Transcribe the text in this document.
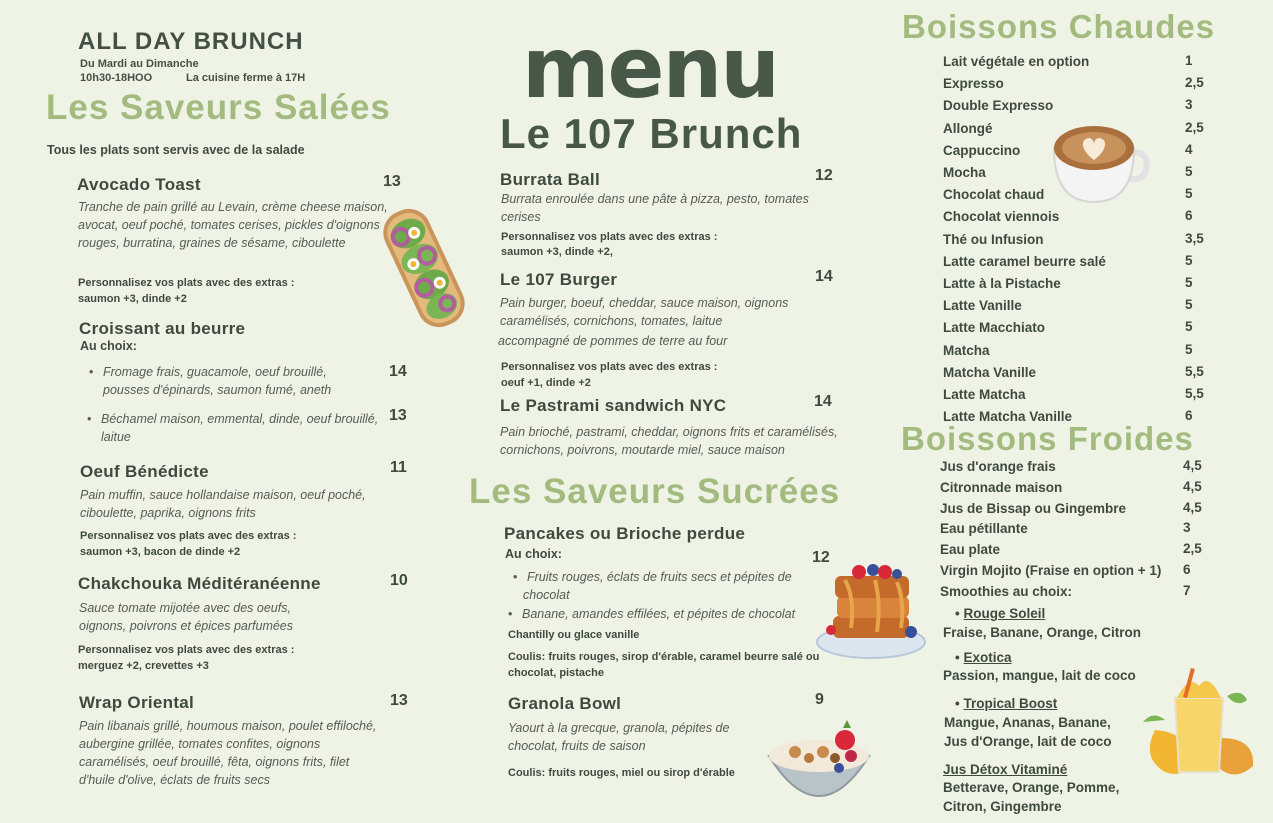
ALL DAY BRUNCH
Du Mardi au Dimanche
10h30-18HOO	La cuisine ferme à 17H	menu
Le 107 Brunch
Les Saveurs Salées
Tous les plats sont servis avec de la salade
Avocado Toast	13
Tranche de pain grillé au Levain, crème cheese maison,
avocat, oeuf poché, tomates cerises, pickles d'oignons
rouges, burratina, graines de sésame, ciboulette
Personnalisez vos plats avec des extras :
saumon +3, dinde +2
Croissant au beurre
Au choix:
• Fromage frais, guacamole, oeuf brouillé,
pousses d'épinards, saumon fumé, aneth
14
• Béchamel maison, emmental, dinde, oeuf brouillé,
laitue
13
Oeuf Bénédicte	11
Pain muffin, sauce hollandaise maison, oeuf poché,
ciboulette, paprika, oignons frits
Personnalisez vos plats avec des extras :
saumon +3, bacon de dinde +2
Chakchouka Méditéranéenne	10
Sauce tomate mijotée avec des oeufs,
oignons, poivrons et épices parfumées
Personnalisez vos plats avec des extras :
merguez +2, crevettes +3
Wrap Oriental	13
Pain libanais grillé, houmous maison, poulet effiloché,
aubergine grillée, tomates confites, oignons
caramélisés, oeuf brouillé, fêta, oignons frits, filet
d'huile d'olive, éclats de fruits secs
Burrata Ball	12
Burrata enroulée dans une pâte à pizza, pesto, tomates
cerises
Personnalisez vos plats avec des extras :
saumon +3, dinde +2,
Le 107 Burger	14
Pain burger, boeuf, cheddar, sauce maison, oignons
caramélisés, cornichons, tomates, laitue
accompagné de pommes de terre au four
Personnalisez vos plats avec des extras :
oeuf +1, dinde +2
Le Pastrami sandwich NYC	14
Pain brioché, pastrami, cheddar, oignons frits et caramélisés,
cornichons, poivrons, moutarde miel, sauce maison
Les Saveurs Sucrées
Pancakes ou Brioche perdue
Au choix:	12
• Fruits rouges, éclats de fruits secs et pépites de
chocolat
• Banane, amandes effilées, et pépites de chocolat
Chantilly ou glace vanille
Coulis: fruits rouges, sirop d'érable, caramel beurre salé ou
chocolat, pistache
Granola Bowl	9
Yaourt à la grecque, granola, pépites de
chocolat, fruits de saison
Coulis: fruits rouges, miel ou sirop d'érable
Boissons Chaudes
Lait végétale en option	1
Expresso	2,5
Double Expresso	3
Allongé	2,5
Cappuccino	4
Mocha	5
Chocolat chaud	5
Chocolat viennois	6
Thé ou Infusion	3,5
Latte caramel beurre salé	5
Latte à la Pistache	5
Latte Vanille	5
Latte Macchiato	5
Matcha	5
Matcha Vanille	5,5
Latte Matcha	5,5
Latte Matcha Vanille	6
Boissons Froides
Jus d'orange frais	4,5
Citronnade maison	4,5
Jus de Bissap ou Gingembre	4,5
Eau pétillante	3
Eau plate	2,5
Virgin Mojito (Fraise en option + 1) 6
Smoothies au choix:	7
• Rouge Soleil
Fraise, Banane, Orange, Citron
• Exotica
Passion, mangue, lait de coco
• Tropical Boost
Mangue, Ananas, Banane,
Jus d'Orange, lait de coco
Jus Détox Vitaminé
Betterave, Orange, Pomme,
Citron, Gingembre
